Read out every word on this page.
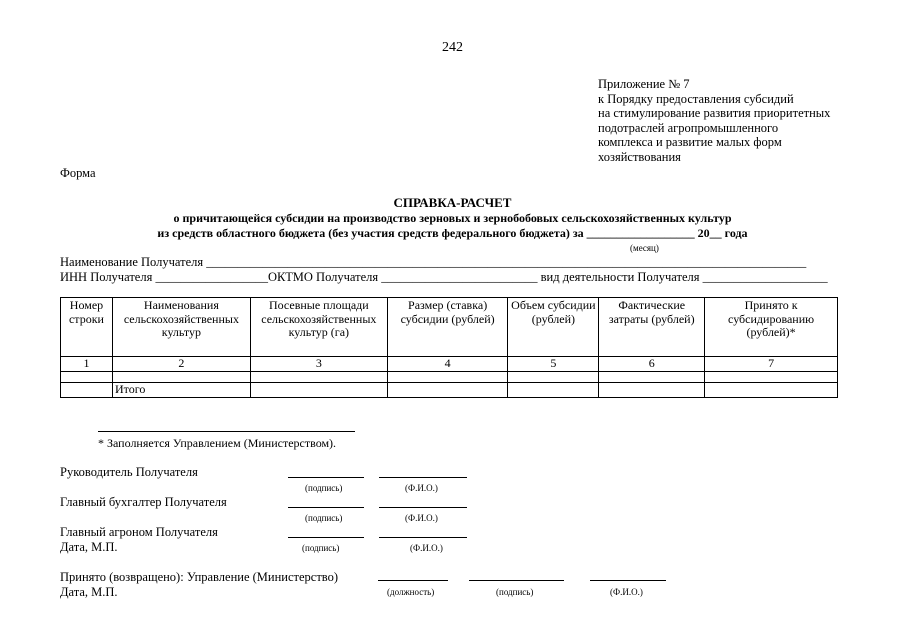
242
Приложение № 7
к Порядку предоставления субсидий
на стимулирование развития приоритетных
подотраслей агропромышленного
комплекса и развитие малых форм
хозяйствования
Форма
СПРАВКА-РАСЧЕТ
о причитающейся субсидии на производство зерновых и зернобобовых сельскохозяйственных культур
из средств областного бюджета (без участия средств федерального бюджета) за __________________ 20__ года
(месяц)
Наименование Получателя ________________________________________________________________________________________________
ИНН Получателя __________________ОКТМО Получателя _________________________ вид деятельности Получателя ____________________
Номер строки	Наименования сельскохозяйственных культур	Посевные площади сельскохозяйственных культур (га)	Размер (ставка) субсидии (рублей)	Объем субсидии (рублей)	Фактические затраты (рублей)	Принято к субсидированию (рублей)*
1	2	3	4	5	6	7

	Итого					
* Заполняется Управлением (Министерством).
Руководитель Получателя
(подпись)	(Ф.И.О.)
Главный бухгалтер Получателя
(подпись)	(Ф.И.О.)
Главный агроном Получателя
Дата, М.П.	(подпись)	(Ф.И.О.)
Принято (возвращено): Управление (Министерство)
Дата, М.П.	(должность)	(подпись)	(Ф.И.О.)
